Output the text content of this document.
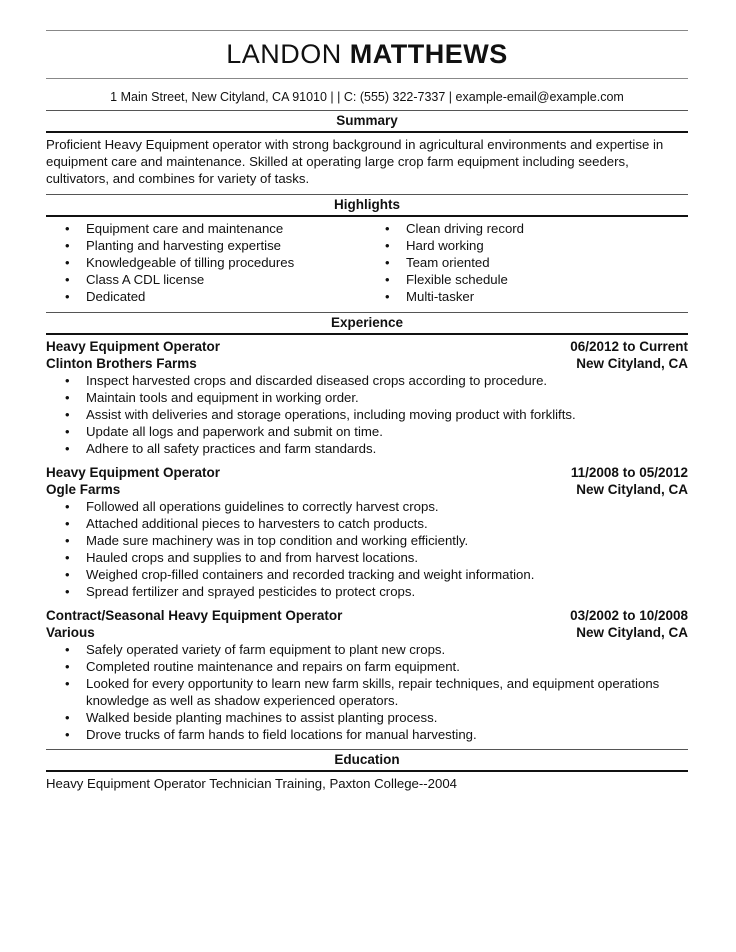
LANDON MATTHEWS
1 Main Street, New Cityland, CA 91010 | | C: (555) 322-7337 | example-email@example.com
Summary
Proficient Heavy Equipment operator with strong background in agricultural environments and expertise in equipment care and maintenance. Skilled at operating large crop farm equipment including seeders, cultivators, and combines for variety of tasks.
Highlights
• Equipment care and maintenance
• Planting and harvesting expertise
• Knowledgeable of tilling procedures
• Class A CDL license
• Dedicated
• Clean driving record
• Hard working
• Team oriented
• Flexible schedule
• Multi-tasker
Experience
Heavy Equipment Operator	06/2012 to Current
Clinton Brothers Farms	New Cityland, CA
• Inspect harvested crops and discarded diseased crops according to procedure.
• Maintain tools and equipment in working order.
• Assist with deliveries and storage operations, including moving product with forklifts.
• Update all logs and paperwork and submit on time.
• Adhere to all safety practices and farm standards.
Heavy Equipment Operator	11/2008 to 05/2012
Ogle Farms	New Cityland, CA
• Followed all operations guidelines to correctly harvest crops.
• Attached additional pieces to harvesters to catch products.
• Made sure machinery was in top condition and working efficiently.
• Hauled crops and supplies to and from harvest locations.
• Weighed crop-filled containers and recorded tracking and weight information.
• Spread fertilizer and sprayed pesticides to protect crops.
Contract/Seasonal Heavy Equipment Operator	03/2002 to 10/2008
Various	New Cityland, CA
• Safely operated variety of farm equipment to plant new crops.
• Completed routine maintenance and repairs on farm equipment.
• Looked for every opportunity to learn new farm skills, repair techniques, and equipment operations knowledge as well as shadow experienced operators.
• Walked beside planting machines to assist planting process.
• Drove trucks of farm hands to field locations for manual harvesting.
Education
Heavy Equipment Operator Technician Training, Paxton College--2004
